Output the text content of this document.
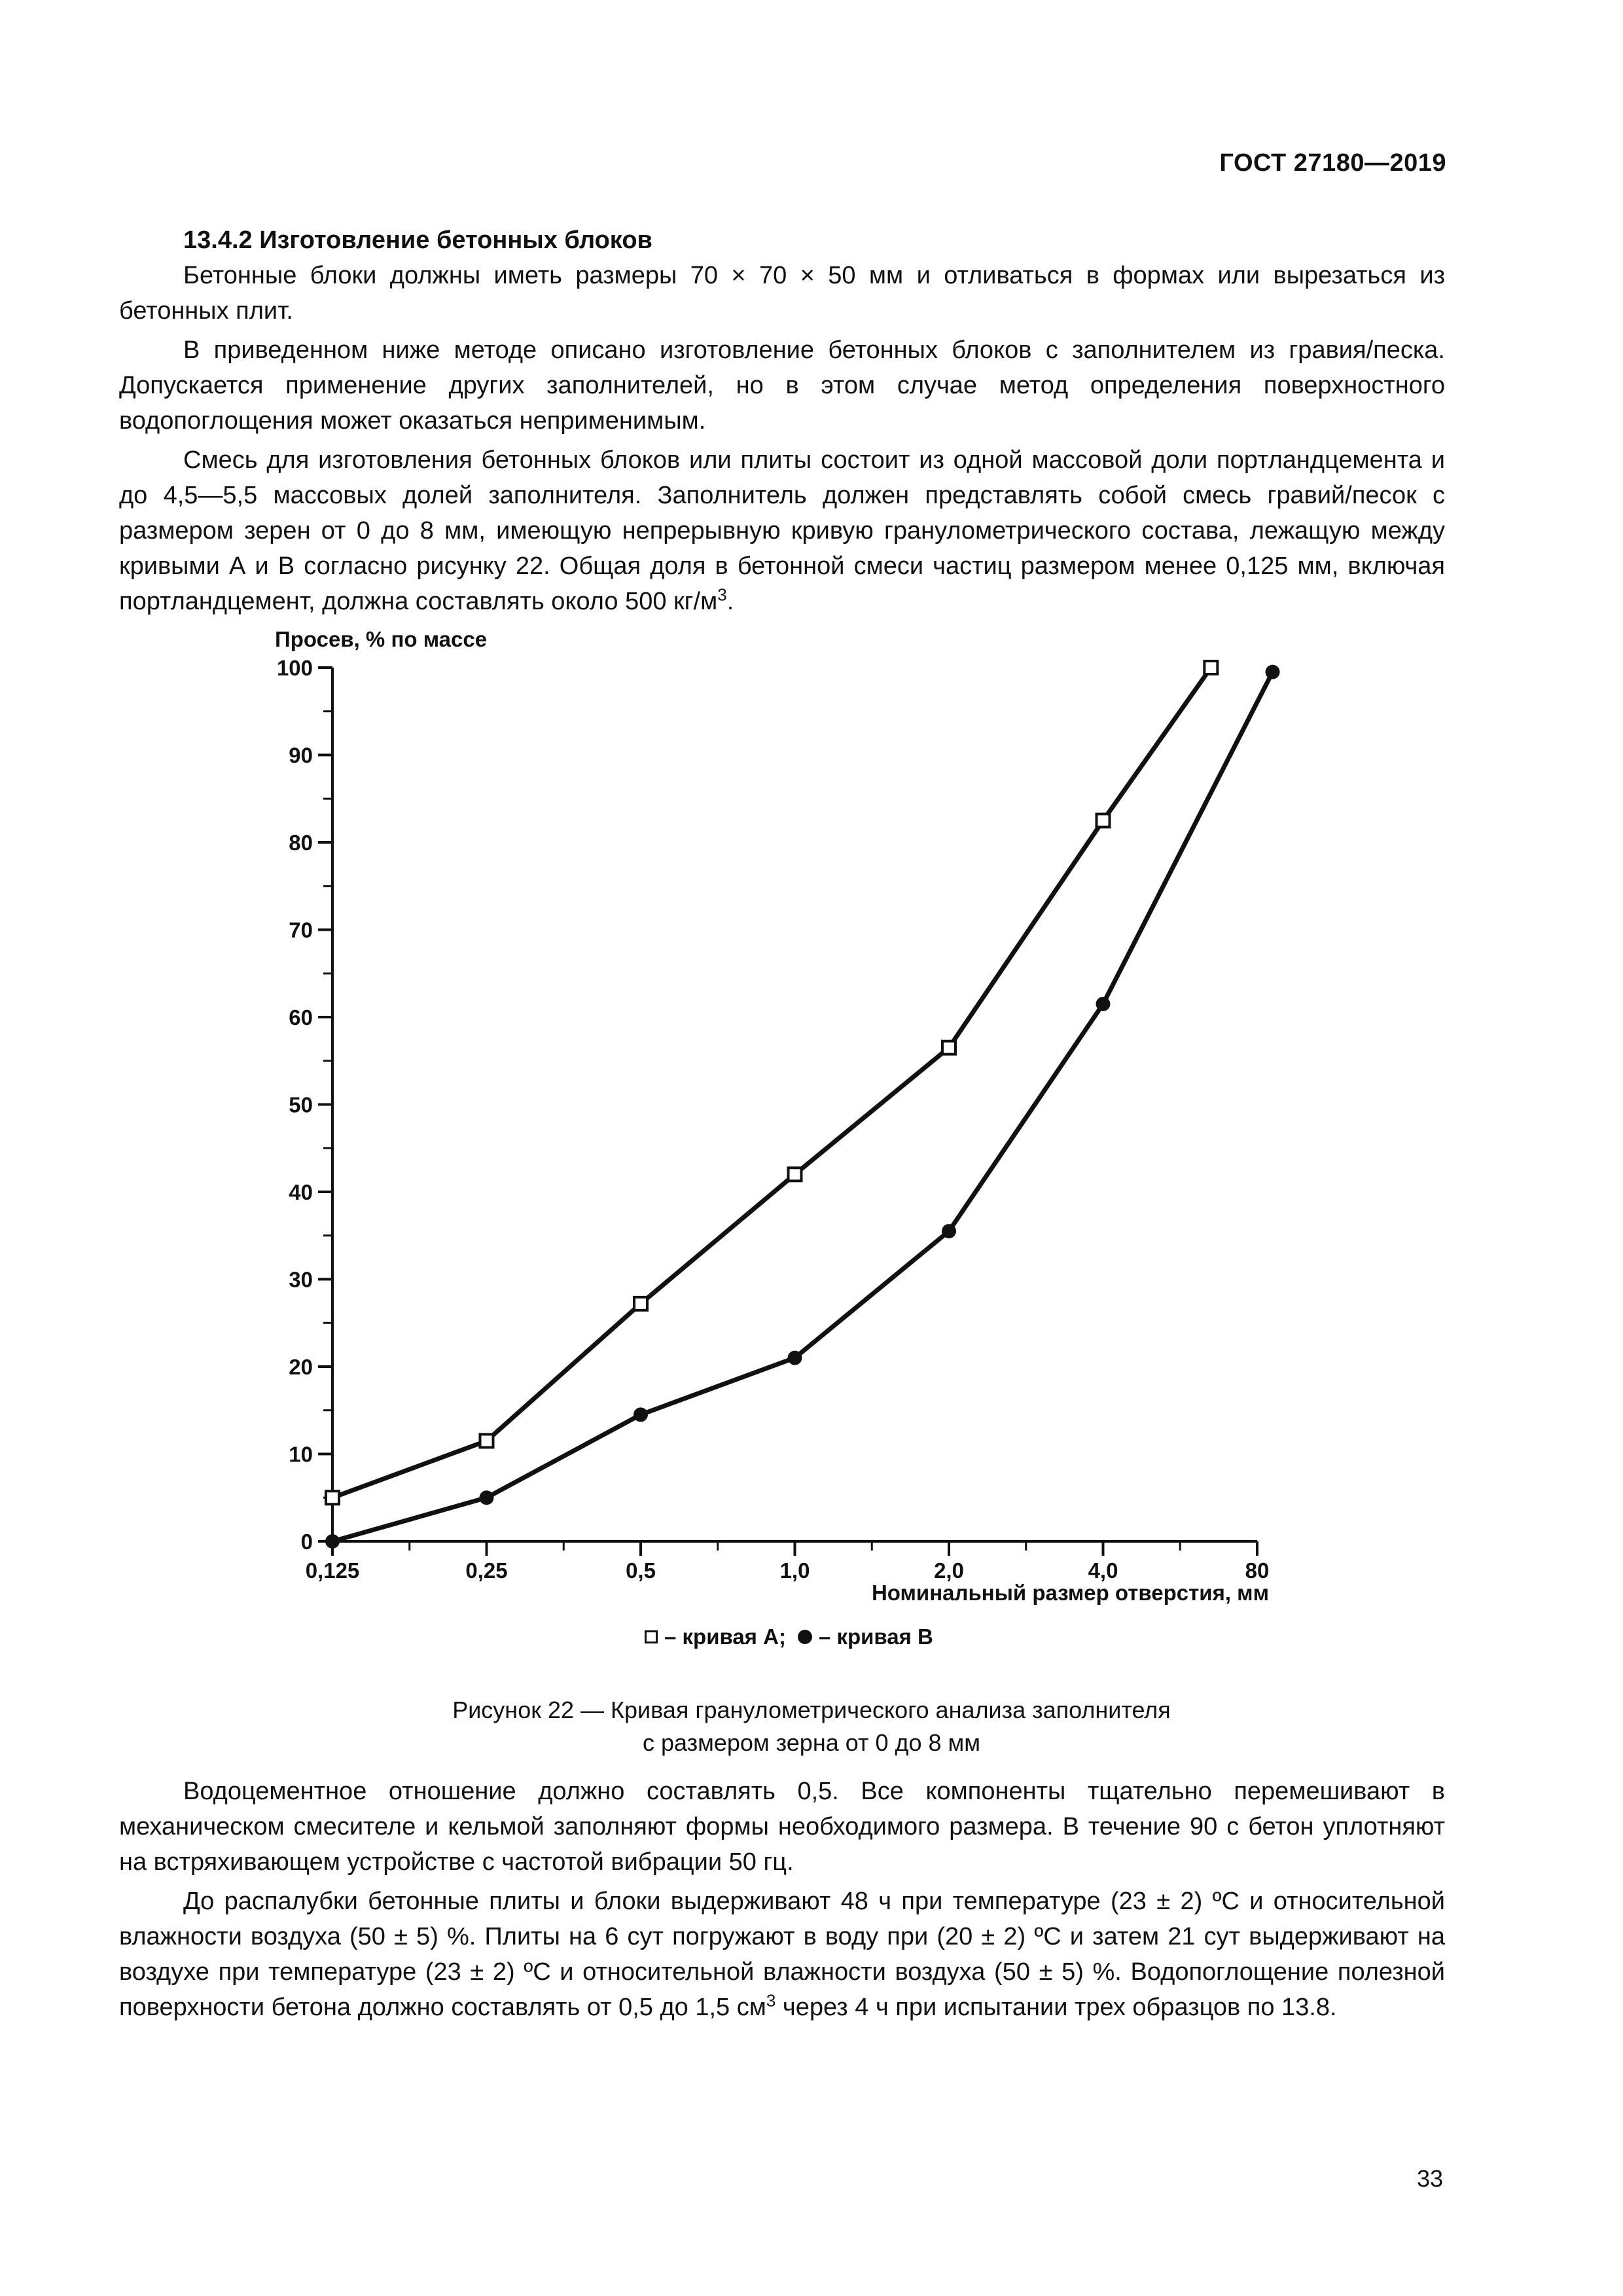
ГОСТ 27180—2019

13.4.2 Изготовление бетонных блоков

Бетонные блоки должны иметь размеры 70 × 70 × 50 мм и отливаться в формах или вырезаться из бетонных плит.

В приведенном ниже методе описано изготовление бетонных блоков с заполнителем из гравия/песка. Допускается применение других заполнителей, но в этом случае метод определения поверхностного водопоглощения может оказаться неприменимым.

Смесь для изготовления бетонных блоков или плиты состоит из одной массовой доли портландцемента и до 4,5—5,5 массовых долей заполнителя. Заполнитель должен представлять собой смесь гравий/песок с размером зерен от 0 до 8 мм, имеющую непрерывную кривую гранулометрического состава, лежащую между кривыми А и В согласно рисунку 22. Общая доля в бетонной смеси частиц размером менее 0,125 мм, включая портландцемент, должна составлять около 500 $кг/м^3$.

0
10
20
30
40
50
60
70
80
90
100
0,125	0,25	0,5	1,0	2,0	4,0	80
Просев, % по массе
Номинальный размер отверстия, мм
– кривая А; – кривая В
Рисунок 22 — Кривая гранулометрического анализа заполнителя
с размером зерна от 0 до 8 мм

Водоцементное отношение должно составлять 0,5. Все компоненты тщательно перемешивают в механическом смесителе и кельмой заполняют формы необходимого размера. В течение 90 с бетон уплотняют на встряхивающем устройстве с частотой вибрации 50 гц.

До распалубки бетонные плиты и блоки выдерживают 48 ч при температуре (23 ± 2) ºС и относительной влажности воздуха (50 ± 5) %. Плиты на 6 сут погружают в воду при (20 ± 2) ºС и затем 21 сут выдерживают на воздухе при температуре (23 ± 2) ºС и относительной влажности воздуха (50 ± 5) %. Водопоглощение полезной поверхности бетона должно составлять от 0,5 до 1,5 $см^3$ через 4 ч при испытании трех образцов по 13.8.

33
